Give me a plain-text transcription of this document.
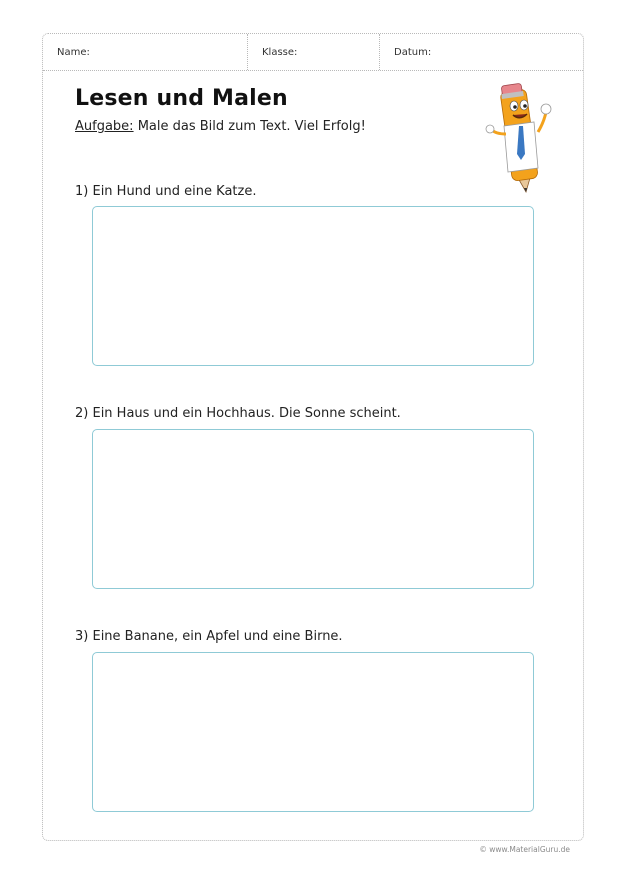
Name:	Klasse:	Datum:
Lesen und Malen
Aufgabe: Male das Bild zum Text. Viel Erfolg!
1) Ein Hund und eine Katze.
2) Ein Haus und ein Hochhaus. Die Sonne scheint.
3) Eine Banane, ein Apfel und eine Birne.
© www.MaterialGuru.de
